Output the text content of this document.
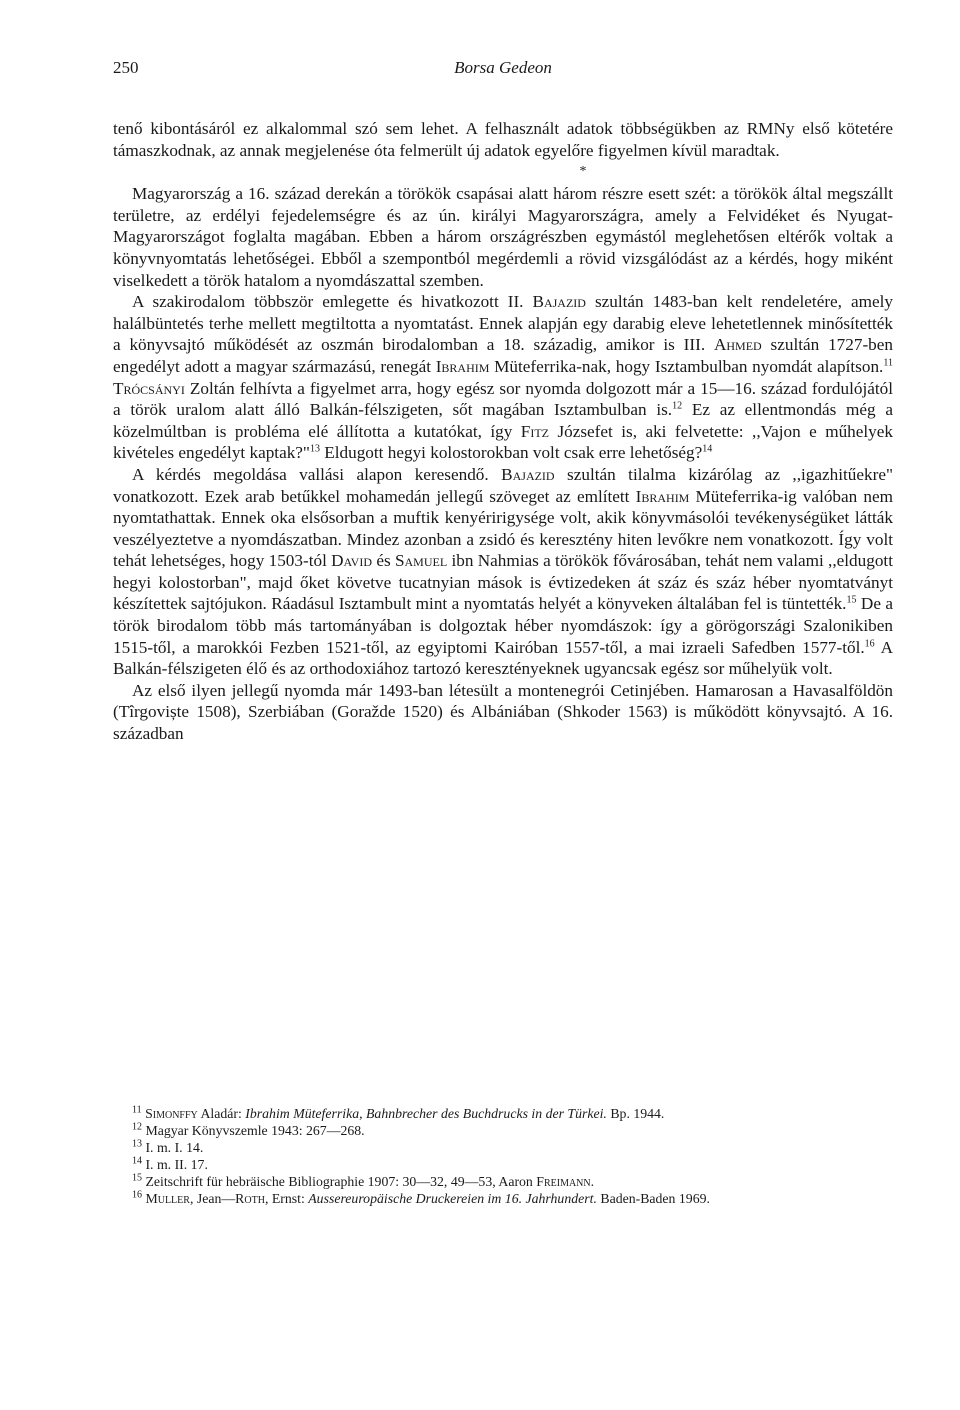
250	Borsa Gedeon

tenő kibontásáról ez alkalommal szó sem lehet. A felhasznált adatok többségükben az RMNy első kötetére támaszkodnak, az annak megjelenése óta felmerült új adatok egyelőre figyelmen kívül maradtak.

*

Magyarország a 16. század derekán a törökök csapásai alatt három részre esett szét: a törökök által megszállt területre, az erdélyi fejedelemségre és az ún. királyi Magyarországra, amely a Felvidéket és Nyugat-Magyarországot foglalta magában. Ebben a három országrészben egymástól meglehetősen eltérők voltak a könyvnyomtatás lehetőségei. Ebből a szempontból megérdemli a rövid vizsgálódást az a kérdés, hogy miként viselkedett a török hatalom a nyomdászattal szemben.

A szakirodalom többször emlegette és hivatkozott II. Bajazid szultán 1483-ban kelt rendeletére, amely halálbüntetés terhe mellett megtiltotta a nyomtatást. Ennek alapján egy darabig eleve lehetetlennek minősítették a könyvsajtó működését az oszmán birodalomban a 18. századig, amikor is III. Ahmed szultán 1727-ben engedélyt adott a magyar származású, renegát Ibrahim Müteferrika-nak, hogy Isztambulban nyomdát alapítson.$^{11}$ Trócsányi Zoltán felhívta a figyelmet arra, hogy egész sor nyomda dolgozott már a 15—16. század fordulójától a török uralom alatt álló Balkán-félszigeten, sőt magában Isztambulban is.$^{12}$ Ez az ellentmondás még a közelmúltban is probléma elé állította a kutatókat, így Fitz Józsefet is, aki felvetette: ,,Vajon e műhelyek kivételes engedélyt kaptak?"$^{13}$ Eldugott hegyi kolostorokban volt csak erre lehetőség?$^{14}$

A kérdés megoldása vallási alapon keresendő. Bajazid szultán tilalma kizárólag az ,,igazhitűekre" vonatkozott. Ezek arab betűkkel mohamedán jellegű szöveget az említett Ibrahim Müteferrika-ig valóban nem nyomtathattak. Ennek oka elsősorban a muftik kenyéririgysége volt, akik könyvmásolói tevékenységüket látták veszélyeztetve a nyomdászatban. Mindez azonban a zsidó és keresztény hiten levőkre nem vonatkozott. Így volt tehát lehetséges, hogy 1503-tól David és Samuel ibn Nahmias a törökök fővárosában, tehát nem valami ,,eldugott hegyi kolostorban", majd őket követve tucatnyian mások is évtizedeken át száz és száz héber nyomtatványt készítettek sajtójukon. Ráadásul Isztambult mint a nyomtatás helyét a könyveken általában fel is tüntették.$^{15}$ De a török birodalom több más tartományában is dolgoztak héber nyomdászok: így a görögországi Szalonikiben 1515-től, a marokkói Fezben 1521-től, az egyiptomi Kairóban 1557-től, a mai izraeli Safedben 1577-től.$^{16}$ A Balkán-félszigeten élő és az orthodoxiához tartozó keresztényeknek ugyancsak egész sor műhelyük volt.

Az első ilyen jellegű nyomda már 1493-ban létesült a montenegrói Cetinjében. Hamarosan a Havasalföldön (Tîrgoviște 1508), Szerbiában (Goražde 1520) és Albániában (Shkoder 1563) is működött könyvsajtó. A 16. században

$^{11}$ Simonffy Aladár: Ibrahim Müteferrika, Bahnbrecher des Buchdrucks in der Türkei. Bp. 1944.

$^{12}$ Magyar Könyvszemle 1943: 267—268.

$^{13}$ I. m. I. 14.

$^{14}$ I. m. II. 17.

$^{15}$ Zeitschrift für hebräische Bibliographie 1907: 30—32, 49—53, Aaron Freimann.

$^{16}$ Muller, Jean—Roth, Ernst: Aussereuropäische Druckereien im 16. Jahrhundert. Baden-Baden 1969.
